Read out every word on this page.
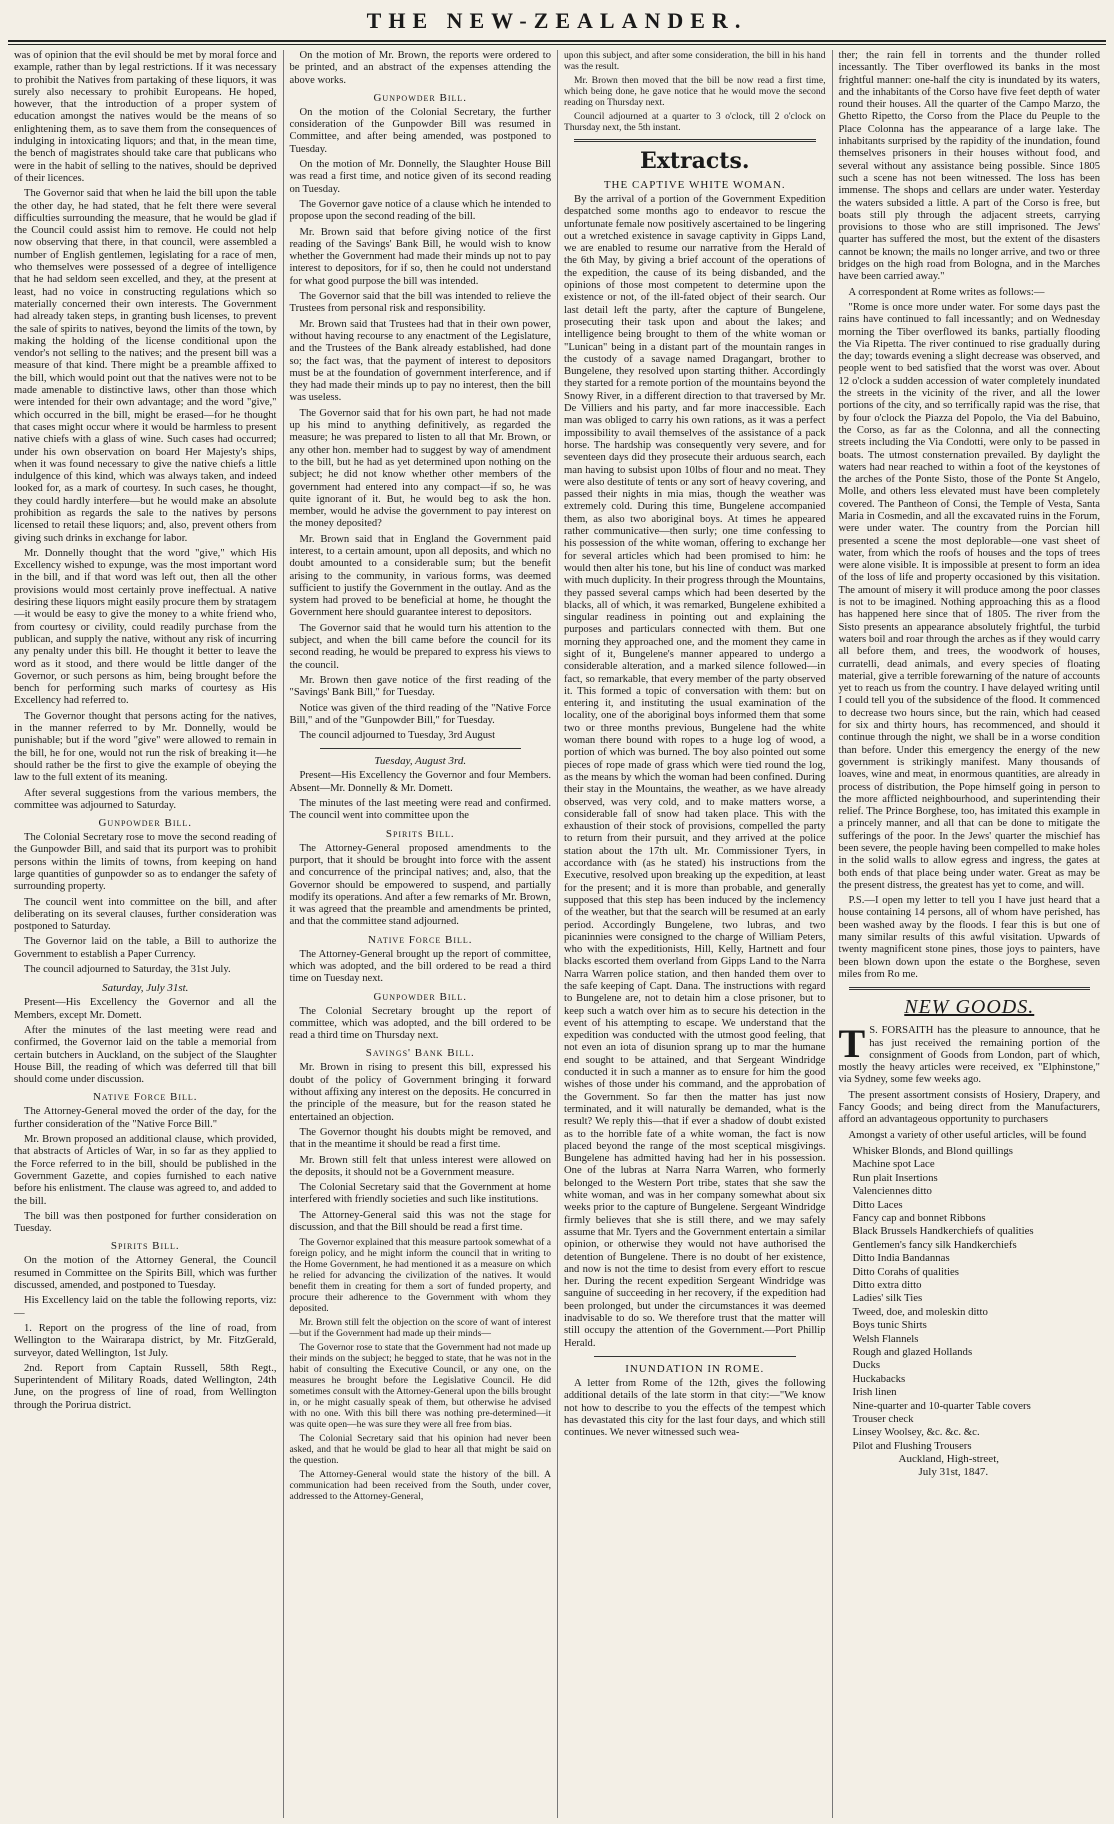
THE NEW-ZEALANDER.

was of opinion that the evil should be met by moral force and example, rather than by legal restrictions. If it was necessary to prohibit the Natives from partaking of these liquors, it was surely also necessary to prohibit Europeans. He hoped, however, that the introduction of a proper system of education amongst the natives would be the means of so enlightening them, as to save them from the consequences of indulging in intoxicating liquors; and that, in the mean time, the bench of magistrates should take care that publicans who were in the habit of selling to the natives, should be deprived of their licences.

The Governor said that when he laid the bill upon the table the other day, he had stated, that he felt there were several difficulties surrounding the measure, that he would be glad if the Council could assist him to remove. He could not help now observing that there, in that council, were assembled a number of English gentlemen, legislating for a race of men, who themselves were possessed of a degree of intelligence that he had seldom seen excelled, and they, at the present at least, had no voice in constructing regulations which so materially concerned their own interests. The Government had already taken steps, in granting bush licenses, to prevent the sale of spirits to natives, beyond the limits of the town, by making the holding of the license conditional upon the vendor's not selling to the natives; and the present bill was a measure of that kind. There might be a preamble affixed to the bill, which would point out that the natives were not to be made amenable to distinctive laws, other than those which were intended for their own advantage; and the word "give," which occurred in the bill, might be erased—for he thought that cases might occur where it would be harmless to present native chiefs with a glass of wine. Such cases had occurred; under his own observation on board Her Majesty's ships, when it was found necessary to give the native chiefs a little indulgence of this kind, which was always taken, and indeed looked for, as a mark of courtesy. In such cases, he thought, they could hardly interfere—but he would make an absolute prohibition as regards the sale to the natives by persons licensed to retail these liquors; and, also, prevent others from giving such drinks in exchange for labor.

Mr. Donnelly thought that the word "give," which His Excellency wished to expunge, was the most important word in the bill, and if that word was left out, then all the other provisions would most certainly prove ineffectual. A native desiring these liquors might easily procure them by stratagem—it would be easy to give the money to a white friend who, from courtesy or civility, could readily purchase from the publican, and supply the native, without any risk of incurring any penalty under this bill. He thought it better to leave the word as it stood, and there would be little danger of the Governor, or such persons as him, being brought before the bench for performing such marks of courtesy as His Excellency had referred to.

The Governor thought that persons acting for the natives, in the manner referred to by Mr. Donnelly, would be punishable; but if the word "give" were allowed to remain in the bill, he for one, would not run the risk of breaking it—he should rather be the first to give the example of obeying the law to the full extent of its meaning.

After several suggestions from the various members, the committee was adjourned to Saturday.

Gunpowder Bill.

The Colonial Secretary rose to move the second reading of the Gunpowder Bill, and said that its purport was to prohibit persons within the limits of towns, from keeping on hand large quantities of gunpowder so as to endanger the safety of surrounding property.

The council went into committee on the bill, and after deliberating on its several clauses, further consideration was postponed to Saturday.

The Governor laid on the table, a Bill to authorize the Government to establish a Paper Currency.

The council adjourned to Saturday, the 31st July.

Saturday, July 31st.

Present—His Excellency the Governor and all the Members, except Mr. Domett.

After the minutes of the last meeting were read and confirmed, the Governor laid on the table a memorial from certain butchers in Auckland, on the subject of the Slaughter House Bill, the reading of which was deferred till that bill should come under discussion.

Native Force Bill.

The Attorney-General moved the order of the day, for the further consideration of the "Native Force Bill."

Mr. Brown proposed an additional clause, which provided, that abstracts of Articles of War, in so far as they applied to the Force referred to in the bill, should be published in the Government Gazette, and copies furnished to each native before his enlistment. The clause was agreed to, and added to the bill.

The bill was then postponed for further consideration on Tuesday.

Spirits Bill.

On the motion of the Attorney General, the Council resumed in Committee on the Spirits Bill, which was further discussed, amended, and postponed to Tuesday.

His Excellency laid on the table the following reports, viz:—

1. Report on the progress of the line of road, from Wellington to the Wairarapa district, by Mr. FitzGerald, surveyor, dated Wellington, 1st July.

2nd. Report from Captain Russell, 58th Regt., Superintendent of Military Roads, dated Wellington, 24th June, on the progress of line of road, from Wellington through the Porirua district.

On the motion of Mr. Brown, the reports were ordered to be printed, and an abstract of the expenses attending the above works.

Gunpowder Bill.

On the motion of the Colonial Secretary, the further consideration of the Gunpowder Bill was resumed in Committee, and after being amended, was postponed to Tuesday.

On the motion of Mr. Donnelly, the Slaughter House Bill was read a first time, and notice given of its second reading on Tuesday.

The Governor gave notice of a clause which he intended to propose upon the second reading of the bill.

Mr. Brown said that before giving notice of the first reading of the Savings' Bank Bill, he would wish to know whether the Government had made their minds up not to pay interest to depositors, for if so, then he could not understand for what good purpose the bill was intended.

The Governor said that the bill was intended to relieve the Trustees from personal risk and responsibility.

Mr. Brown said that Trustees had that in their own power, without having recourse to any enactment of the Legislature, and the Trustees of the Bank already established, had done so; the fact was, that the payment of interest to depositors must be at the foundation of government interference, and if they had made their minds up to pay no interest, then the bill was useless.

The Governor said that for his own part, he had not made up his mind to anything definitively, as regarded the measure; he was prepared to listen to all that Mr. Brown, or any other hon. member had to suggest by way of amendment to the bill, but he had as yet determined upon nothing on the subject; he did not know whether other members of the government had entered into any compact—if so, he was quite ignorant of it. But, he would beg to ask the hon. member, would he advise the government to pay interest on the money deposited?

Mr. Brown said that in England the Government paid interest, to a certain amount, upon all deposits, and which no doubt amounted to a considerable sum; but the benefit arising to the community, in various forms, was deemed sufficient to justify the Government in the outlay. And as the system had proved to be beneficial at home, he thought the Government here should guarantee interest to depositors.

The Governor said that he would turn his attention to the subject, and when the bill came before the council for its second reading, he would be prepared to express his views to the council.

Mr. Brown then gave notice of the first reading of the "Savings' Bank Bill," for Tuesday.

Notice was given of the third reading of the "Native Force Bill," and of the "Gunpowder Bill," for Tuesday.

The council adjourned to Tuesday, 3rd August

Tuesday, August 3rd.

Present—His Excellency the Governor and four Members. Absent—Mr. Donnelly & Mr. Domett.

The minutes of the last meeting were read and confirmed. The council went into committee upon the

Spirits Bill.

The Attorney-General proposed amendments to the purport, that it should be brought into force with the assent and concurrence of the principal natives; and, also, that the Governor should be empowered to suspend, and partially modify its operations. And after a few remarks of Mr. Brown, it was agreed that the preamble and amendments be printed, and that the committee stand adjourned.

Native Force Bill.

The Attorney-General brought up the report of committee, which was adopted, and the bill ordered to be read a third time on Tuesday next.

Gunpowder Bill.

The Colonial Secretary brought up the report of committee, which was adopted, and the bill ordered to be read a third time on Thursday next.

Savings' Bank Bill.

Mr. Brown in rising to present this bill, expressed his doubt of the policy of Government bringing it forward without affixing any interest on the deposits. He concurred in the principle of the measure, but for the reason stated he entertained an objection.

The Governor thought his doubts might be removed, and that in the meantime it should be read a first time.

Mr. Brown still felt that unless interest were allowed on the deposits, it should not be a Government measure.

The Colonial Secretary said that the Government at home interfered with friendly societies and such like institutions.

The Attorney-General said this was not the stage for discussion, and that the Bill should be read a first time.

The Governor explained that this measure partook somewhat of a foreign policy, and he might inform the council that in writing to the Home Government, he had mentioned it as a measure on which he relied for advancing the civilization of the natives. It would benefit them in creating for them a sort of funded property, and procure their adherence to the Government with whom they deposited.

Mr. Brown still felt the objection on the score of want of interest—but if the Government had made up their minds—

The Governor rose to state that the Government had not made up their minds on the subject; he begged to state, that he was not in the habit of consulting the Executive Council, or any one, on the measures he brought before the Legislative Council. He did sometimes consult with the Attorney-General upon the bills brought in, or he might casually speak of them, but otherwise he advised with no one. With this bill there was nothing pre-determined—it was quite open—he was sure they were all free from bias.

The Colonial Secretary said that his opinion had never been asked, and that he would be glad to hear all that might be said on the question.

The Attorney-General would state the history of the bill. A communication had been received from the South, under cover, addressed to the Attorney-General,

upon this subject, and after some consideration, the bill in his hand was the result.

Mr. Brown then moved that the bill be now read a first time, which being done, he gave notice that he would move the second reading on Thursday next.

Council adjourned at a quarter to 3 o'clock, till 2 o'clock on Thursday next, the 5th instant.

Extracts.
THE CAPTIVE WHITE WOMAN.

By the arrival of a portion of the Government Expedition despatched some months ago to endeavor to rescue the unfortunate female now positively ascertained to be lingering out a wretched existence in savage captivity in Gipps Land, we are enabled to resume our narrative from the Herald of the 6th May, by giving a brief account of the operations of the expedition, the cause of its being disbanded, and the opinions of those most competent to determine upon the existence or not, of the ill-fated object of their search. Our last detail left the party, after the capture of Bungelene, prosecuting their task upon and about the lakes; and intelligence being brought to them of the white woman or "Lunican" being in a distant part of the mountain ranges in the custody of a savage named Dragangart, brother to Bungelene, they resolved upon starting thither. Accordingly they started for a remote portion of the mountains beyond the Snowy River, in a different direction to that traversed by Mr. De Villiers and his party, and far more inaccessible. Each man was obliged to carry his own rations, as it was a perfect impossibility to avail themselves of the assistance of a pack horse. The hardship was consequently very severe, and for seventeen days did they prosecute their arduous search, each man having to subsist upon 10lbs of flour and no meat. They were also destitute of tents or any sort of heavy covering, and passed their nights in mia mias, though the weather was extremely cold. During this time, Bungelene accompanied them, as also two aboriginal boys. At times he appeared rather communicative—then surly; one time confessing to his possession of the white woman, offering to exchange her for several articles which had been promised to him: he would then alter his tone, but his line of conduct was marked with much duplicity. In their progress through the Mountains, they passed several camps which had been deserted by the blacks, all of which, it was remarked, Bungelene exhibited a singular readiness in pointing out and explaining the purposes and particulars connected with them. But one morning they approached one, and the moment they came in sight of it, Bungelene's manner appeared to undergo a considerable alteration, and a marked silence followed—in fact, so remarkable, that every member of the party observed it. This formed a topic of conversation with them: but on entering it, and instituting the usual examination of the locality, one of the aboriginal boys informed them that some two or three months previous, Bungelene had the white woman there bound with ropes to a huge log of wood, a portion of which was burned. The boy also pointed out some pieces of rope made of grass which were tied round the log, as the means by which the woman had been confined. During their stay in the Mountains, the weather, as we have already observed, was very cold, and to make matters worse, a considerable fall of snow had taken place. This with the exhaustion of their stock of provisions, compelled the party to return from their pursuit, and they arrived at the police station about the 17th ult. Mr. Commissioner Tyers, in accordance with (as he stated) his instructions from the Executive, resolved upon breaking up the expedition, at least for the present; and it is more than probable, and generally supposed that this step has been induced by the inclemency of the weather, but that the search will be resumed at an early period. Accordingly Bungelene, two lubras, and two picaninnies were consigned to the charge of William Peters, who with the expeditionists, Hill, Kelly, Hartnett and four blacks escorted them overland from Gipps Land to the Narra Narra Warren police station, and then handed them over to the safe keeping of Capt. Dana. The instructions with regard to Bungelene are, not to detain him a close prisoner, but to keep such a watch over him as to secure his detection in the event of his attempting to escape. We understand that the expedition was conducted with the utmost good feeling, that not even an iota of disunion sprang up to mar the humane end sought to be attained, and that Sergeant Windridge conducted it in such a manner as to ensure for him the good wishes of those under his command, and the approbation of the Government. So far then the matter has just now terminated, and it will naturally be demanded, what is the result? We reply this—that if ever a shadow of doubt existed as to the horrible fate of a white woman, the fact is now placed beyond the range of the most sceptical misgivings. Bungelene has admitted having had her in his possession. One of the lubras at Narra Narra Warren, who formerly belonged to the Western Port tribe, states that she saw the white woman, and was in her company somewhat about six weeks prior to the capture of Bungelene. Sergeant Windridge firmly believes that she is still there, and we may safely assume that Mr. Tyers and the Government entertain a similar opinion, or otherwise they would not have authorised the detention of Bungelene. There is no doubt of her existence, and now is not the time to desist from every effort to rescue her. During the recent expedition Sergeant Windridge was sanguine of succeeding in her recovery, if the expedition had been prolonged, but under the circumstances it was deemed inadvisable to do so. We therefore trust that the matter will still occupy the attention of the Government.—Port Phillip Herald.

INUNDATION IN ROME.

A letter from Rome of the 12th, gives the following additional details of the late storm in that city:—"We know not how to describe to you the effects of the tempest which has devastated this city for the last four days, and which still continues. We never witnessed such wea-

ther; the rain fell in torrents and the thunder rolled incessantly. The Tiber overflowed its banks in the most frightful manner: one-half the city is inundated by its waters, and the inhabitants of the Corso have five feet depth of water round their houses. All the quarter of the Campo Marzo, the Ghetto Ripetto, the Corso from the Place du Peuple to the Place Colonna has the appearance of a large lake. The inhabitants surprised by the rapidity of the inundation, found themselves prisoners in their houses without food, and several without any assistance being possible. Since 1805 such a scene has not been witnessed. The loss has been immense. The shops and cellars are under water. Yesterday the waters subsided a little. A part of the Corso is free, but boats still ply through the adjacent streets, carrying provisions to those who are still imprisoned. The Jews' quarter has suffered the most, but the extent of the disasters cannot be known; the mails no longer arrive, and two or three bridges on the high road from Bologna, and in the Marches have been carried away."

A correspondent at Rome writes as follows:—

"Rome is once more under water. For some days past the rains have continued to fall incessantly; and on Wednesday morning the Tiber overflowed its banks, partially flooding the Via Ripetta. The river continued to rise gradually during the day; towards evening a slight decrease was observed, and people went to bed satisfied that the worst was over. About 12 o'clock a sudden accession of water completely inundated the streets in the vicinity of the river, and all the lower portions of the city, and so terrifically rapid was the rise, that by four o'clock the Piazza del Popolo, the Via del Babuino, the Corso, as far as the Colonna, and all the connecting streets including the Via Condotti, were only to be passed in boats. The utmost consternation prevailed. By daylight the waters had near reached to within a foot of the keystones of the arches of the Ponte Sisto, those of the Ponte St Angelo, Molle, and others less elevated must have been completely covered. The Pantheon of Consi, the Temple of Vesta, Santa Maria in Cosmedin, and all the excavated ruins in the Forum, were under water. The country from the Porcian hill presented a scene the most deplorable—one vast sheet of water, from which the roofs of houses and the tops of trees were alone visible. It is impossible at present to form an idea of the loss of life and property occasioned by this visitation. The amount of misery it will produce among the poor classes is not to be imagined. Nothing approaching this as a flood has happened here since that of 1805. The river from the Sisto presents an appearance absolutely frightful, the turbid waters boil and roar through the arches as if they would carry all before them, and trees, the woodwork of houses, curratelli, dead animals, and every species of floating material, give a terrible forewarning of the nature of accounts yet to reach us from the country. I have delayed writing until I could tell you of the subsidence of the flood. It commenced to decrease two hours since, but the rain, which had ceased for six and thirty hours, has recommenced, and should it continue through the night, we shall be in a worse condition than before. Under this emergency the energy of the new government is strikingly manifest. Many thousands of loaves, wine and meat, in enormous quantities, are already in process of distribution, the Pope himself going in person to the more afflicted neighbourhood, and superintending their relief. The Prince Borghese, too, has imitated this example in a princely manner, and all that can be done to mitigate the sufferings of the poor. In the Jews' quarter the mischief has been severe, the people having been compelled to make holes in the solid walls to allow egress and ingress, the gates at both ends of that place being under water. Great as may be the present distress, the greatest has yet to come, and will.

P.S.—I open my letter to tell you I have just heard that a house containing 14 persons, all of whom have perished, has been washed away by the floods. I fear this is but one of many similar results of this awful visitation. Upwards of twenty magnificent stone pines, those joys to painters, have been blown down upon the estate o the Borghese, seven miles from Ro me.

NEW GOODS.

T S. FORSAITH has the pleasure to announce, that he has just received the remaining portion of the consignment of Goods from London, part of which, mostly the heavy articles were received, ex "Elphinstone," via Sydney, some few weeks ago.

The present assortment consists of Hosiery, Drapery, and Fancy Goods; and being direct from the Manufacturers, afford an advantageous opportunity to purchasers

Amongst a variety of other useful articles, will be found

Whisker Blonds, and Blond quillings
Machine spot Lace
Run plait Insertions
Valenciennes ditto
Ditto Laces
Fancy cap and bonnet Ribbons
Black Brussels Handkerchiefs of qualities
Gentlemen's fancy silk Handkerchiefs
Ditto India Bandannas
Ditto Corahs of qualities
Ditto extra ditto
Ladies' silk Ties
Tweed, doe, and moleskin ditto
Boys tunic Shirts
Welsh Flannels
Rough and glazed Hollands
Ducks
Huckabacks
Irish linen
Nine-quarter and 10-quarter Table covers
Trouser check
Linsey Woolsey, &c. &c. &c.
Pilot and Flushing Trousers
Auckland, High-street,
July 31st, 1847.
